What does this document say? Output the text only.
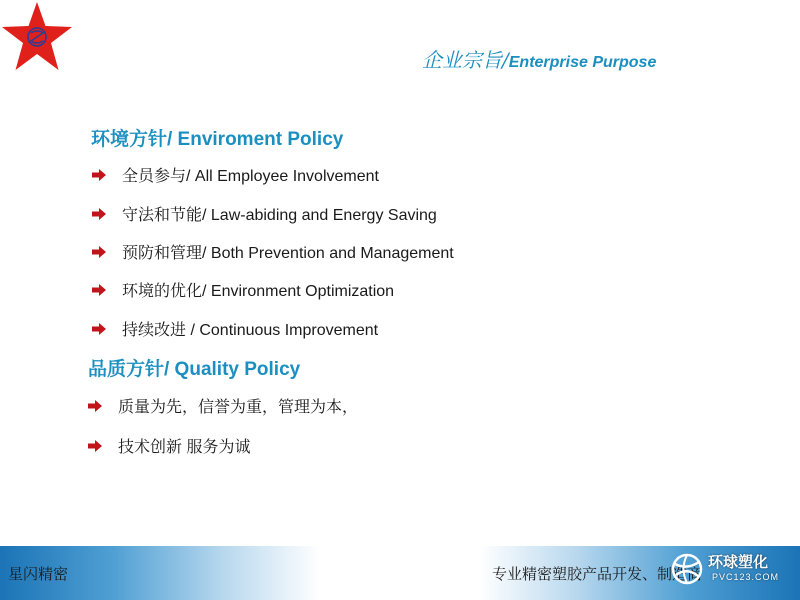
企业宗旨/ Enterprise Purpose
环境方针/ Enviroment Policy
全员参与/ All Employee Involvement
守法和节能/ Law-abiding and Energy Saving
预防和管理/ Both Prevention and Management
环境的优化/ Environment Optimization
持续改进 / Continuous Improvement
品质方针/ Quality Policy
质量为先，信誉为重，管理为本，
技术创新 服务为诚
星闪精密	专业精密塑胶产品开发、制造商
环球塑化
PVC123.COM
